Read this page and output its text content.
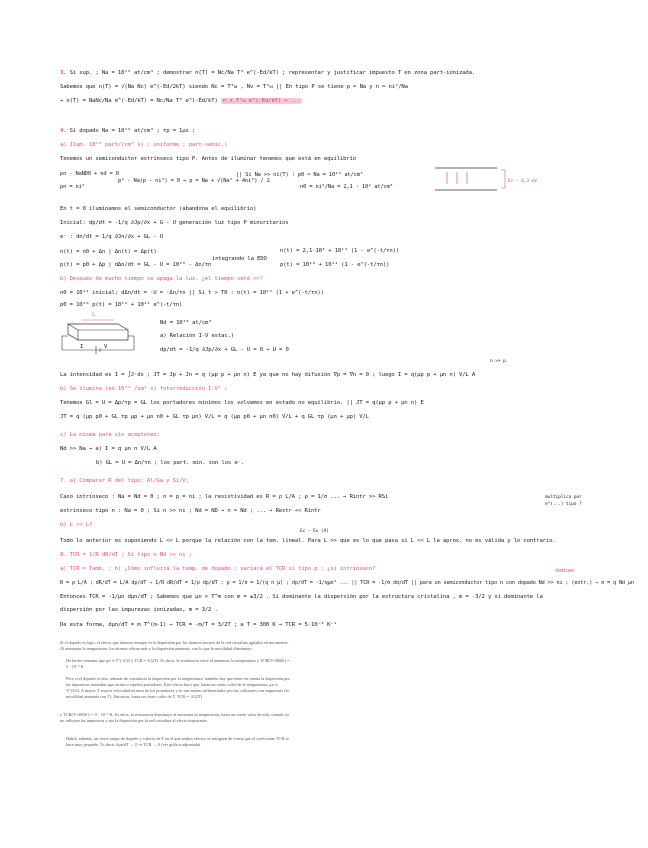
3. Si sup. ; Na = 10¹⁶ at/cm³ ; demostrar n(T) = Nc/Na T³ e^(-Ed/kT) ; representar y justificar impuesto T en zona part-ionizada.
Sabemos que n(T) = √(Na Nc) e^(-Ed/2kT) siendo Nc = T³ᴍ , Nv = T³ᴍ || En tipo P se tiene p ≈ Na y n ≈ ni²/Na
→ n(T) = NaNc/Na e^(-Ed/kT) = Nc/Na T³ e^(-Ed/kT) n ∝ T³ᴍ e^(-Ed/kT) → ...
4. Si dopado Na = 10¹⁶ at/cm³ ; τp = 1μs ;
a) Ilum. 10²⁰ part/(cm³ s) ; uniforme ; part-semic.)
Tenemos un semiconductor extrinseco tipo P. Antes de iluminar tenemos que está en equilibrio
pn - NaND0 + nd = 0
pn = ni²
p² - Na(p - ni²) = 0 → p = Na + √(Na² + 4ni²) / 2
|| Si Na >> ni(T) : p0 ≈ Na = 10¹⁶ at/cm³
n0 = ni²/Na = 2,1 · 10⁴ at/cm³
Ec - 0,3 eV
En t = 0 iluminamos el semiconductor (abandona el equilibrio)
Inicial: dp/dt = -1/q ∂Jp/∂x + G - U generación luz tipo P minoritarios
e⁻ : dn/dt = 1/q ∂Jn/∂x + GL - U
n(t) = n0 + Δn | Δn(t) = Δp(t)
p(t) = p0 + Δp | dΔn/dt = GL - U = 10²⁰ - Δn/τn
integrando la EDO
n(t) = 2,1·10⁴ + 10¹⁴ (1 - e^(-t/τn))
p(t) = 10¹⁶ + 10¹⁴ (1 - e^(-t/τn))
b) Después de mucho tiempo se apaga la luz. ¿el tiempo será >>?
n0 = 10¹⁴ inicial; dΔn/dt = -U = -Δn/τn || Si t > T0 : n(t) = 10¹⁴ (1 + e^(-t/τn))
p0 = 10¹⁶ p(t) = 10¹⁶ + 10¹⁴ e^(-t/τn)
L
I	V
Nd = 10¹⁶ at/cm³
a) Relación I-V estac.)
dp/dt = -1/q ∂Jp/∂x + GL - U = 0 → U = 0
n >> p
La intensidad es I = ∫J·ds ; JT = Jp + Jn = q (μp p + μn n) E ya que no hay difusión ∇p = ∇n = 0 ; luego I = q(μp p + μn n) V/L A
b) Se ilumina (en 10²⁰ /cm³ s) fotorreducción I-V² ;
Tenemos Gl = U = Δp/τp = GL los portadores minimos los volvemos en estado no equilibrio. || JT = q(μp p + μn n) E
JT = q (μp p0 + GL τp μp + μn n0 + GL τp μn) V/L = q (μp p0 + μn n0) V/L + q GL τp (μn + μp) V/L
c) La misma para sin aceptores;
Nd >> Na → a) I = q μn n V/L A
b) GL = U = Δn/τn ; los part. min. son los e⁻.
7. a) Comparar R del tipo: Al/Ga y Si/V;
Caso intrínseco : Na = Nd = 0 ; n = p = ni ; la resistividad es R = ρ L/A ; ρ = 1/σ ... → Rintr >> RSi
extrínseco tipo n : Na = 0 ; Si n >> ni ; Nd = ND → n ≈ Nd ; ... → Rextr << Rintr
multiplica por e^(...) tipo ?
b) L << L?
Ec - Ev (A)
Todo lo anterior es suponiendo L << L porque la relación con la tem. lineal. Para L >> que es lo que pasa si L << L la aprox. no es válida y lo contrario.
8. TCR = 1/R dR/dT ; Si tipo n Nd >> ni ;
a) TCR = Tamb. ; b) ¿Cómo influirá la temp. de dopado ; variará el TCR si tipo p ; ¿si intrínseco?
R = ρ L/A ; dR/dT = L/A dρ/dT → 1/R dR/dT = 1/ρ dρ/dT ; ρ = 1/σ = 1/(q n μ) ; dρ/dT = -1/qμn² ... || TCR = -1/σ dσ/dT || para un semiconductor tipo n con dopado Nd >> ni ; (extr.) → σ = q Nd μn
dominan
Entonces TCR = -1/μn dμn/dT ; Sabemos que μn ∝ T^m con m = ±3/2 . Si dominante la dispersión por la estructura cristalina , m = -3/2 y si dominante la
dispersión por las impurezas ionizadas, m = 3/2 .
De esta forma, dμn/dT = m T^(m-1) → TCR = -m/T = 3/2T ; a T = 300 K → TCR = 5·10⁻³ K⁻¹
Si el dopado es bajo, el efecto que domina siempre es la dispersión por los átomos neutros de la red cristalina agitados térmicamente. Al aumentar la temperatura, los átomos vibran más y la dispersión aumenta, con lo que la movilidad disminuye.
De hecho tenemos que μn ∝ T^(-3/2) y TCR = 3/(2T). Es decir, la resistencia crece al aumentar la temperatura y TCR(T=300K) = 5 · 10⁻³ K.
Pero si el dopado es alto, además de considerar la dispersión por la temperatura, también hay que tener en cuenta la dispersión por las impurezas ionizadas que atraen o repelen portadores. Este efecto hace que, hasta un cierto valor de la temperatura, μn ∝ T^(3/2). A mayor T, mayor velocidad térmica de los portadores y se van menos influenciados por las colisiones con impurezas (la movilidad aumenta con T). Entonces, hasta un cierto valor de T, TCR = -3/(2T)
y TCR(T=300K) = -5 · 10⁻³ K. Es decir, la resistencia disminuye al aumentar la temperatura, hasta un cierto valor de esta, cuando ya no influyen las impurezas y sus la dispersión por la red cristalina al efecto importante.
Habrá, además, un cierto rango de dopado y valores de T en el que ambos efectos se mitiguen de forma que el coeficiente TCR se hace muy pequeño. Es decir, dμn/dT → 0 ⇒ TCR → 0 (ver gráfica adjuntada).
